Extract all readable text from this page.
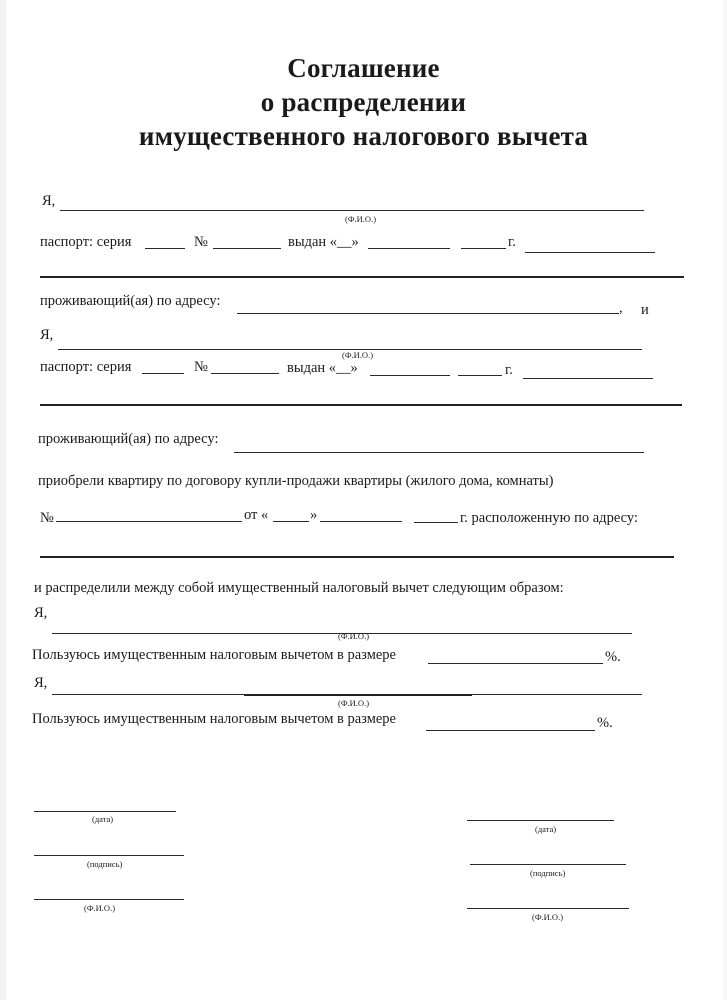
Соглашение
о распределении
имущественного налогового вычета
Я,
(Ф.И.О.)
паспорт: серия	№	выдан «__»	г.
проживающий(ая) по адресу:	, и
Я,
(Ф.И.О.)
паспорт: серия	№	выдан «__»	г.
проживающий(ая) по адресу:
приобрели квартиру по договору купли-продажи квартиры (жилого дома, комнаты)
№	от «	»	г. расположенную по адресу:
и распределили между собой имущественный налоговый вычет следующим образом:
Я,
(Ф.И.О.)
Пользуюсь имущественным налоговым вычетом в размере	%.
Я,
(Ф.И.О.)
Пользуюсь имущественным налоговым вычетом в размере	%.
(дата)
(подпись)
(Ф.И.О.)
(дата)
(подпись)
(Ф.И.О.)
